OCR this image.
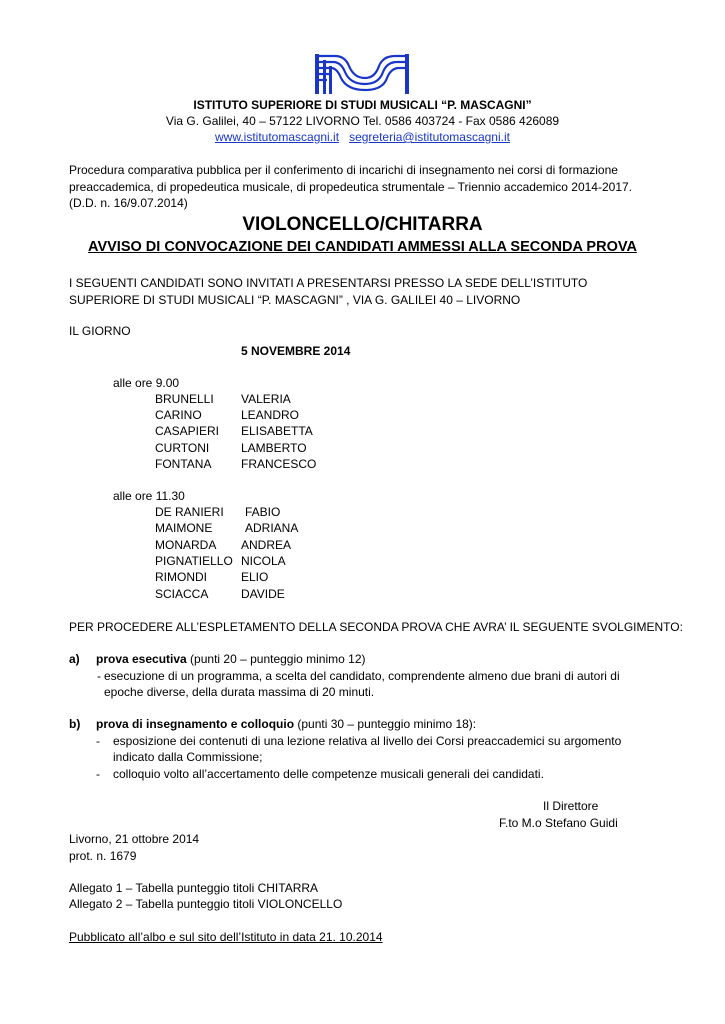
ISTITUTO SUPERIORE DI STUDI MUSICALI “P. MASCAGNI”
Via G. Galilei, 40 – 57122 LIVORNO Tel. 0586 403724 - Fax 0586 426089
www.istitutomascagni.it segreteria@istitutomascagni.it
Procedura comparativa pubblica per il conferimento di incarichi di insegnamento nei corsi di formazione preaccademica, di propedeutica musicale, di propedeutica strumentale – Triennio accademico 2014-2017. (D.D. n. 16/9.07.2014)
VIOLONCELLO/CHITARRA
AVVISO DI CONVOCAZIONE DEI CANDIDATI AMMESSI ALLA SECONDA PROVA
I SEGUENTI CANDIDATI SONO INVITATI A PRESENTARSI PRESSO LA SEDE DELL’ISTITUTO SUPERIORE DI STUDI MUSICALI “P. MASCAGNI” , VIA G. GALILEI 40 – LIVORNO
IL GIORNO
5 NOVEMBRE 2014
alle ore 9.00
BRUNELLI VALERIA
CARINO	LEANDRO
CASAPIERI ELISABETTA
CURTONI	LAMBERTO
FONTANA FRANCESCO
alle ore 11.30
DE RANIERI FABIO
MAIMONE	ADRIANA
MONARDA ANDREA
PIGNATIELLO NICOLA
RIMONDI	ELIO
SCIACCA	DAVIDE
PER PROCEDERE ALL’ESPLETAMENTO DELLA SECONDA PROVA CHE AVRA’ IL SEGUENTE SVOLGIMENTO:
a) prova esecutiva (punti 20 – punteggio minimo 12)
- esecuzione di un programma, a scelta del candidato, comprendente almeno due brani di autori di
epoche diverse, della durata massima di 20 minuti.
b) prova di insegnamento e colloquio (punti 30 – punteggio minimo 18):
- esposizione dei contenuti di una lezione relativa al livello dei Corsi preaccademici su argomento
indicato dalla Commissione;
- colloquio volto all’accertamento delle competenze musicali generali dei candidati.
Il Direttore
F.to M.o Stefano Guidi
Livorno, 21 ottobre 2014
prot. n. 1679
Allegato 1 – Tabella punteggio titoli CHITARRA
Allegato 2 – Tabella punteggio titoli VIOLONCELLO
Pubblicato all’albo e sul sito dell’Istituto in data 21. 10.2014
